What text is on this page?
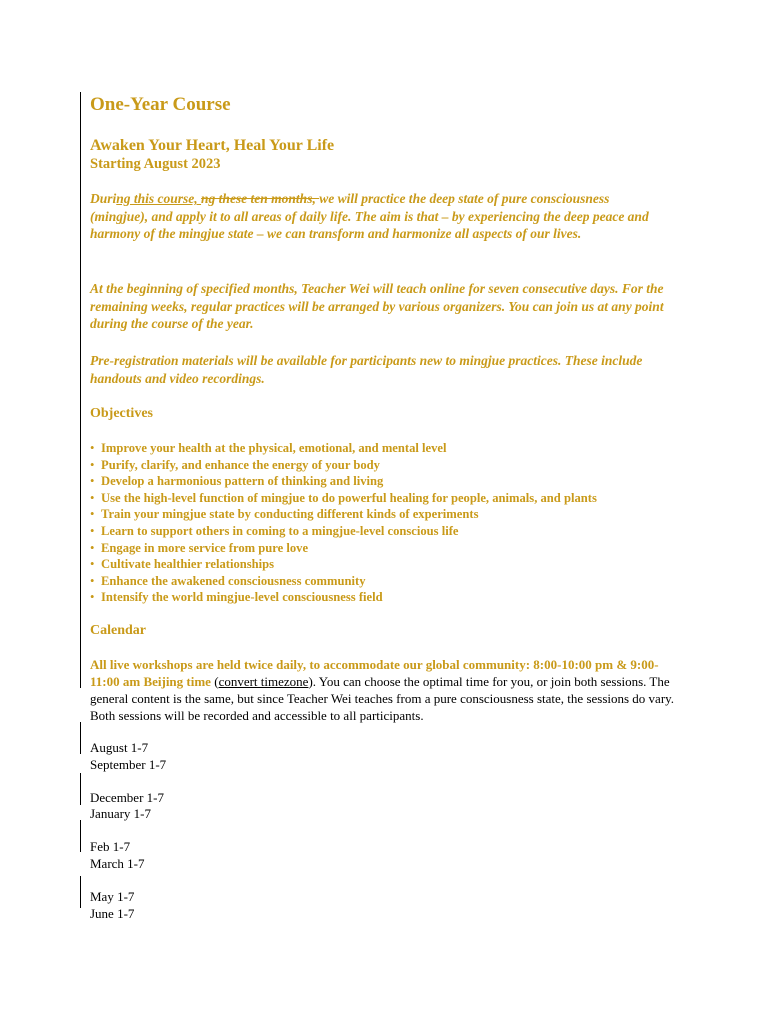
One-Year Course
Awaken Your Heart, Heal Your Life
Starting August 2023
During this course, ng these ten months, we will practice the deep state of pure consciousness (mingjue), and apply it to all areas of daily life. The aim is that – by experiencing the deep peace and harmony of the mingjue state – we can transform and harmonize all aspects of our lives.
At the beginning of specified months, Teacher Wei will teach online for seven consecutive days. For the remaining weeks, regular practices will be arranged by various organizers. You can join us at any point during the course of the year.
Pre-registration materials will be available for participants new to mingjue practices. These include handouts and video recordings.
Objectives
• Improve your health at the physical, emotional, and mental level
• Purify, clarify, and enhance the energy of your body
• Develop a harmonious pattern of thinking and living
• Use the high-level function of mingjue to do powerful healing for people, animals, and plants
• Train your mingjue state by conducting different kinds of experiments
• Learn to support others in coming to a mingjue-level conscious life
• Engage in more service from pure love
• Cultivate healthier relationships
• Enhance the awakened consciousness community
• Intensify the world mingjue-level consciousness field
Calendar
All live workshops are held twice daily, to accommodate our global community: 8:00-10:00 pm & 9:00-11:00 am Beijing time (convert timezone). You can choose the optimal time for you, or join both sessions. The general content is the same, but since Teacher Wei teaches from a pure consciousness state, the sessions do vary. Both sessions will be recorded and accessible to all participants.
August 1-7
September 1-7
December 1-7
January 1-7
Feb 1-7
March 1-7
May 1-7
June 1-7
